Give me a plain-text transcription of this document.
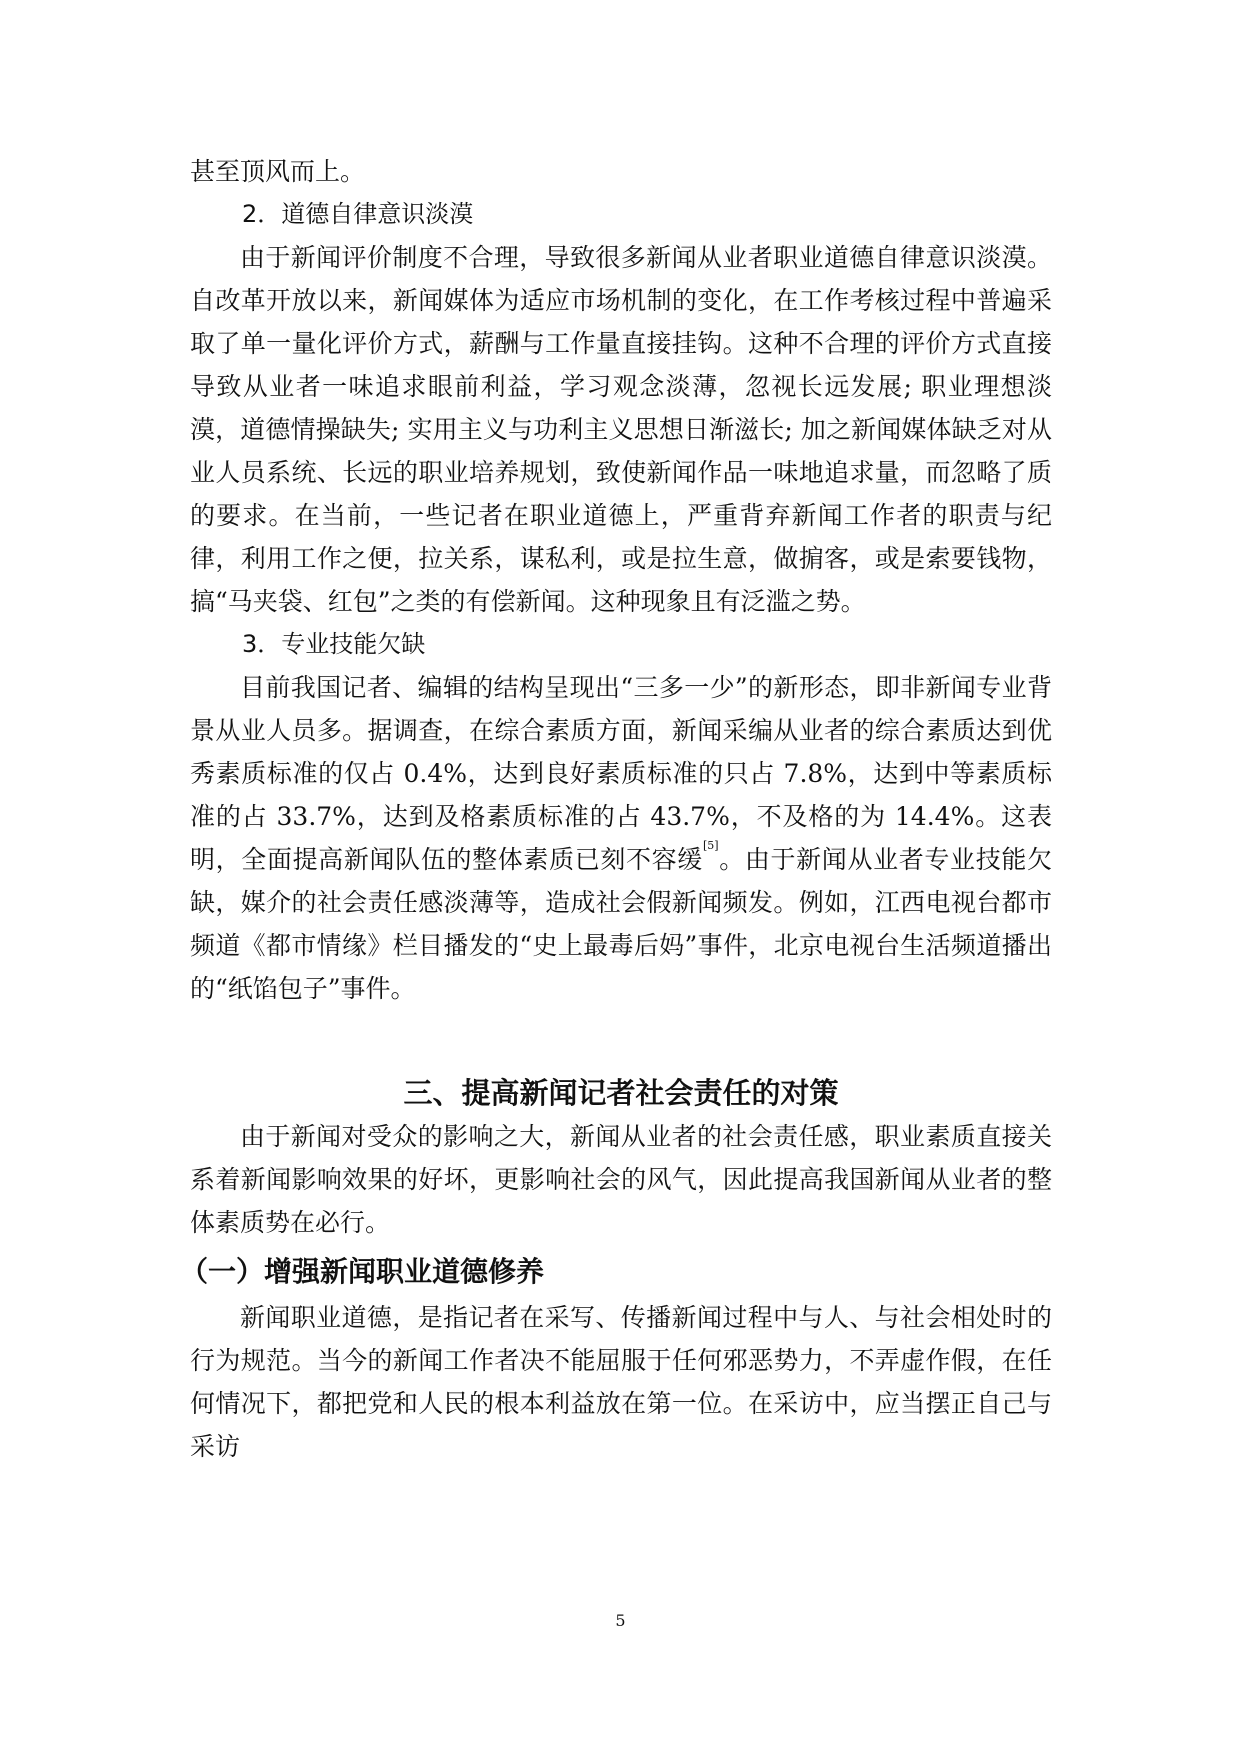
甚至顶风而上。

2．道德自律意识淡漠

由于新闻评价制度不合理，导致很多新闻从业者职业道德自律意识淡漠。自改革开放以来，新闻媒体为适应市场机制的变化，在工作考核过程中普遍采取了单一量化评价方式，薪酬与工作量直接挂钩。这种不合理的评价方式直接导致从业者一味追求眼前利益，学习观念淡薄，忽视长远发展; 职业理想淡漠，道德情操缺失; 实用主义与功利主义思想日渐滋长; 加之新闻媒体缺乏对从业人员系统、长远的职业培养规划，致使新闻作品一味地追求量，而忽略了质的要求。在当前，一些记者在职业道德上，严重背弃新闻工作者的职责与纪律，利用工作之便，拉关系，谋私利，或是拉生意，做掮客，或是索要钱物，搞“马夹袋、红包”之类的有偿新闻。这种现象且有泛滥之势。

3．专业技能欠缺

目前我国记者、编辑的结构呈现出“三多一少”的新形态，即非新闻专业背景从业人员多。据调查，在综合素质方面，新闻采编从业者的综合素质达到优秀素质标准的仅占 0.4%，达到良好素质标准的只占 7.8%，达到中等素质标准的占 33.7%，达到及格素质标准的占 43.7%，不及格的为 14.4%。这表明，全面提高新闻队伍的整体素质已刻不容缓[5]。由于新闻从业者专业技能欠缺，媒介的社会责任感淡薄等，造成社会假新闻频发。例如，江西电视台都市频道《都市情缘》栏目播发的“史上最毒后妈”事件，北京电视台生活频道播出的“纸馅包子”事件。

三、提高新闻记者社会责任的对策

由于新闻对受众的影响之大，新闻从业者的社会责任感，职业素质直接关系着新闻影响效果的好坏，更影响社会的风气，因此提高我国新闻从业者的整体素质势在必行。

（一）增强新闻职业道德修养

新闻职业道德，是指记者在采写、传播新闻过程中与人、与社会相处时的行为规范。当今的新闻工作者决不能屈服于任何邪恶势力，不弄虚作假，在任何情况下，都把党和人民的根本利益放在第一位。在采访中，应当摆正自己与采访

5
